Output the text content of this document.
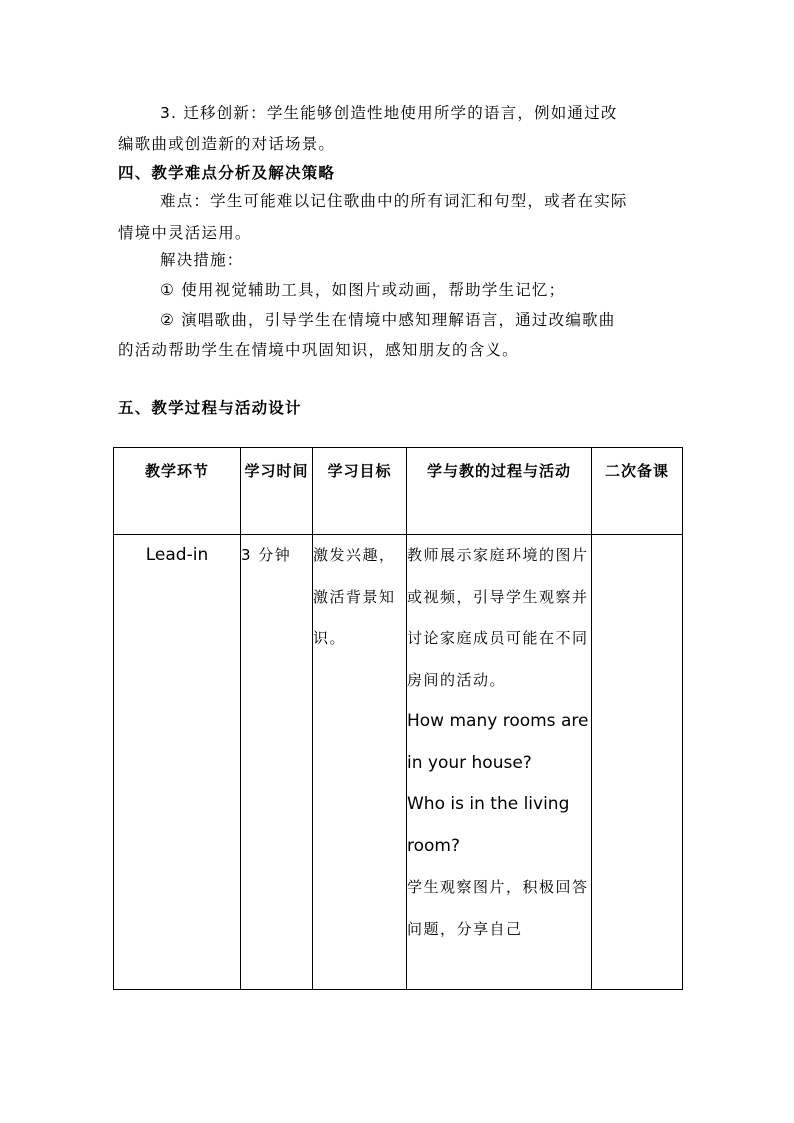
3. 迁移创新：学生能够创造性地使用所学的语言，例如通过改
编歌曲或创造新的对话场景。
四、教学难点分析及解决策略
难点：学生可能难以记住歌曲中的所有词汇和句型，或者在实际
情境中灵活运用。
解决措施：
① 使用视觉辅助工具，如图片或动画，帮助学生记忆；
② 演唱歌曲，引导学生在情境中感知理解语言，通过改编歌曲
的活动帮助学生在情境中巩固知识，感知朋友的含义。
五、教学过程与活动设计
教学环节	学习时间	学习目标	学与教的过程与活动	二次备课
Lead-in	3 分钟	激发兴趣，激活背景知识。	教师展示家庭环境的图片或视频，引导学生观察并讨论家庭成员可能在不同房间的活动。
How many rooms are in your house?
Who is in the living room?
学生观察图片，积极回答问题，分享自己	
